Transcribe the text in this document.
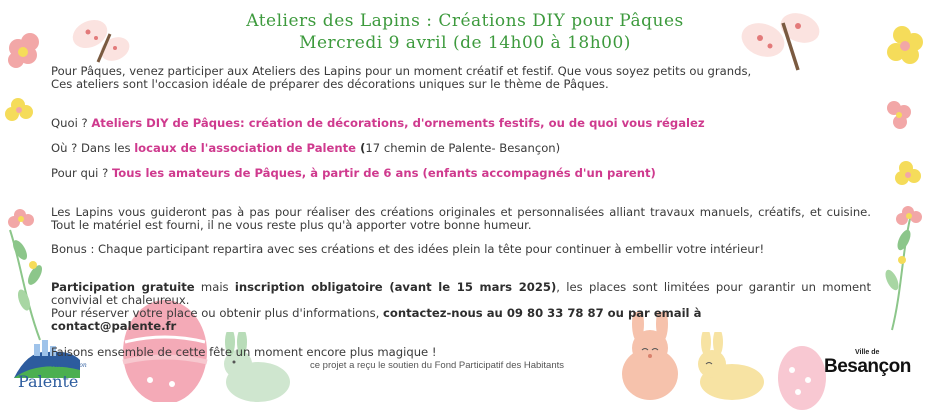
Association
Palente
Ville de
Besançon
Ateliers des Lapins : Créations DIY pour Pâques
Mercredi 9 avril (de 14h00 à 18h00)

Pour Pâques, venez participer aux Ateliers des Lapins pour un moment créatif et festif. Que vous soyez petits ou grands,

Ces ateliers sont l'occasion idéale de préparer des décorations uniques sur le thème de Pâques.

Quoi ? Ateliers DIY de Pâques: création de décorations, d'ornements festifs, ou de quoi vous régalez
Où ? Dans les locaux de l'association de Palente (17 chemin de Palente- Besançon)
Pour qui ? Tous les amateurs de Pâques, à partir de 6 ans (enfants accompagnés d'un parent)
Les Lapins vous guideront pas à pas pour réaliser des créations originales et personnalisées alliant travaux manuels, créatifs, et cuisine. Tout le matériel est fourni, il ne vous reste plus qu'à apporter votre bonne humeur.
Bonus : Chaque participant repartira avec ses créations et des idées plein la tête pour continuer à embellir votre intérieur!
Participation gratuite mais inscription obligatoire (avant le 15 mars 2025), les places sont limitées pour garantir un moment convivial et chaleureux.
Pour réserver votre place ou obtenir plus d'informations, contactez-nous au 09 80 33 78 87 ou par email à
contact@palente.fr
Faisons ensemble de cette fête un moment encore plus magique !
ce projet a reçu le soutien du Fond Participatif des Habitants
